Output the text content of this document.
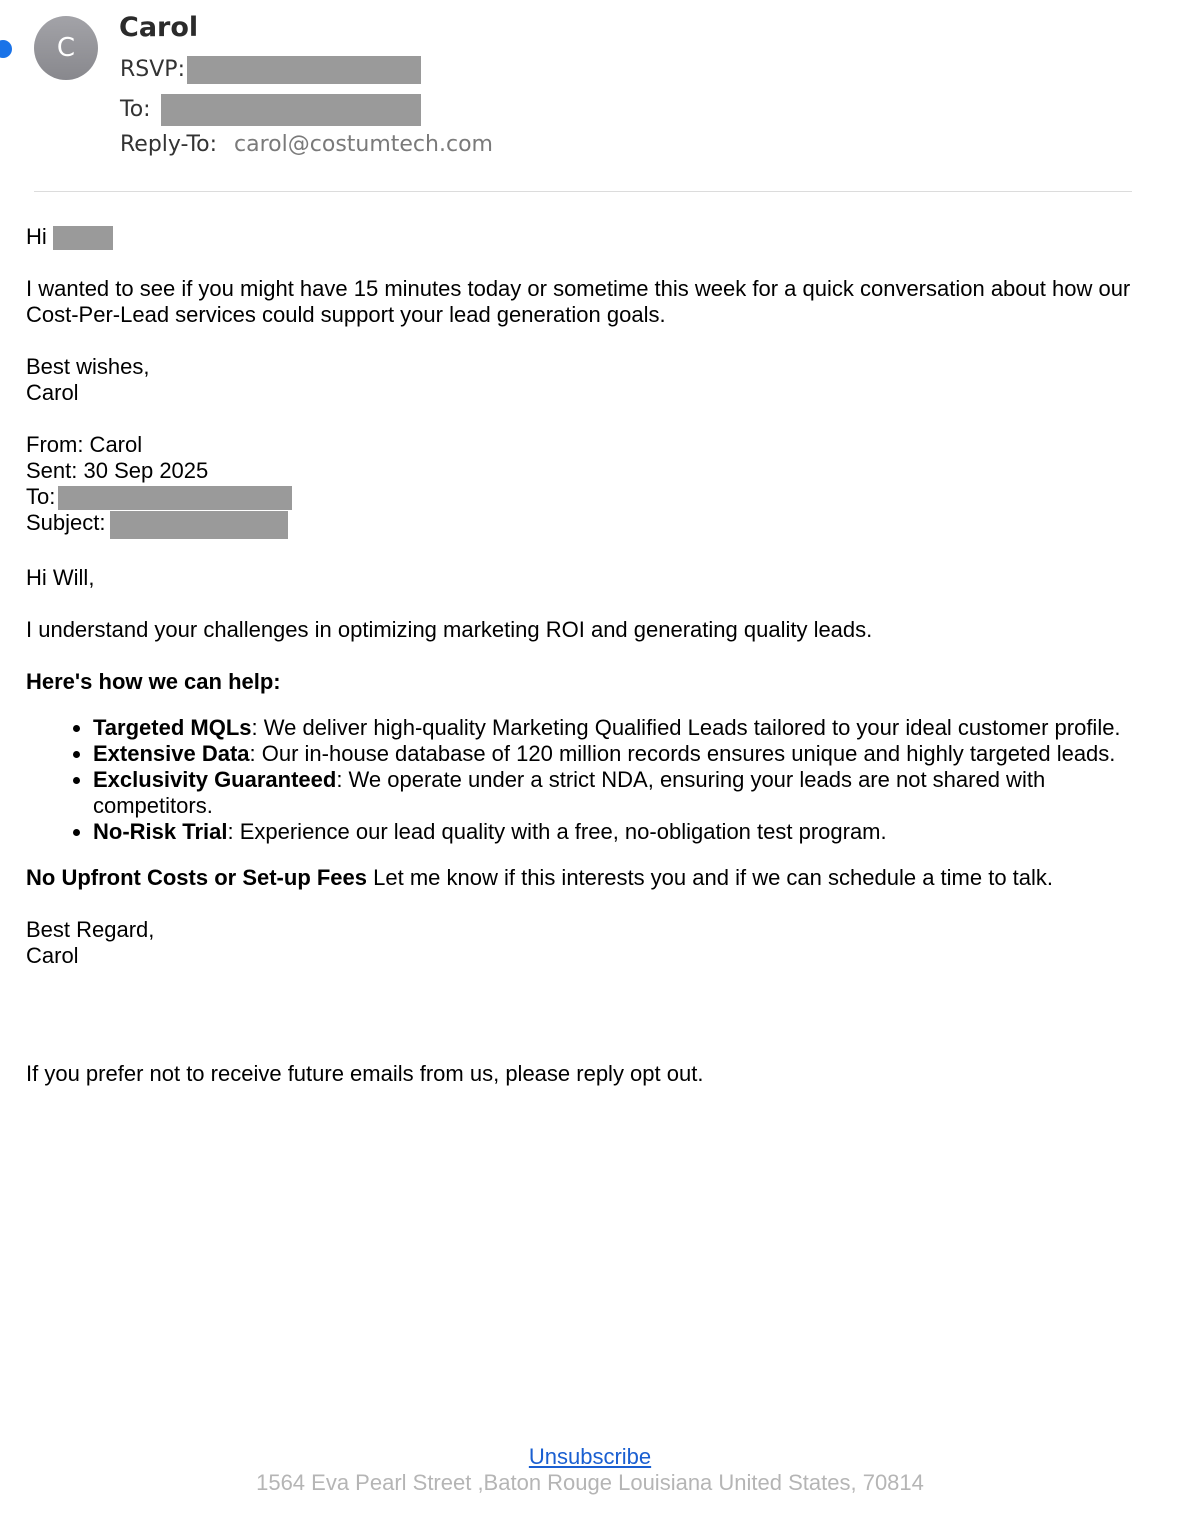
C
Carol
RSVP:
To:
Reply-To: carol@costumtech.com

Hi

I wanted to see if you might have 15 minutes today or sometime this week for a quick conversation about how our Cost-Per-Lead services could support your lead generation goals.

Best wishes,

Carol

From: Carol

Sent: 30 Sep 2025

To:

Subject:

Hi Will,

I understand your challenges in optimizing marketing ROI and generating quality leads.

Here's how we can help:

• Targeted MQLs: We deliver high-quality Marketing Qualified Leads tailored to your ideal customer profile.
• Extensive Data: Our in-house database of 120 million records ensures unique and highly targeted leads.
• Exclusivity Guaranteed: We operate under a strict NDA, ensuring your leads are not shared with competitors.
• No-Risk Trial: Experience our lead quality with a free, no-obligation test program.

No Upfront Costs or Set-up Fees Let me know if this interests you and if we can schedule a time to talk.

Best Regard,

Carol

If you prefer not to receive future emails from us, please reply opt out.

Unsubscribe
1564 Eva Pearl Street ,Baton Rouge Louisiana United States, 70814
